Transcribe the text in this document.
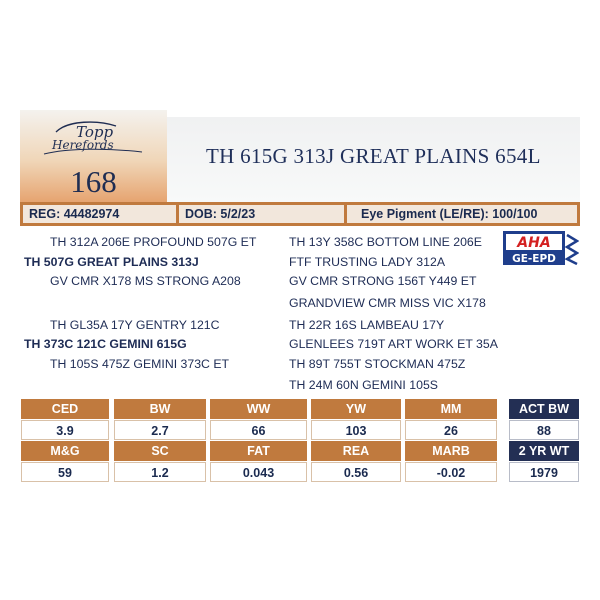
Topp
Herefords
168
TH 615G 313J GREAT PLAINS 654L
REG: 44482974	DOB: 5/2/23	Eye Pigment (LE/RE): 100/100
TH 312A 206E PROFOUND 507G ET
TH 507G GREAT PLAINS 313J
GV CMR X178 MS STRONG A208
TH GL35A 17Y GENTRY 121C
TH 373C 121C GEMINI 615G
TH 105S 475Z GEMINI 373C ET
TH 13Y 358C BOTTOM LINE 206E
FTF TRUSTING LADY 312A
GV CMR STRONG 156T Y449 ET
GRANDVIEW CMR MISS VIC X178
TH 22R 16S LAMBEAU 17Y
GLENLEES 719T ART WORK ET 35A
TH 89T 755T STOCKMAN 475Z
TH 24M 60N GEMINI 105S
AHA
GE-EPD
CED	BW	WW	YW	MM
3.9	2.7	66	103	26
M&G	SC	FAT	REA	MARB
59	1.2	0.043	0.56	-0.02
ACT BW
88
2 YR WT
1979
